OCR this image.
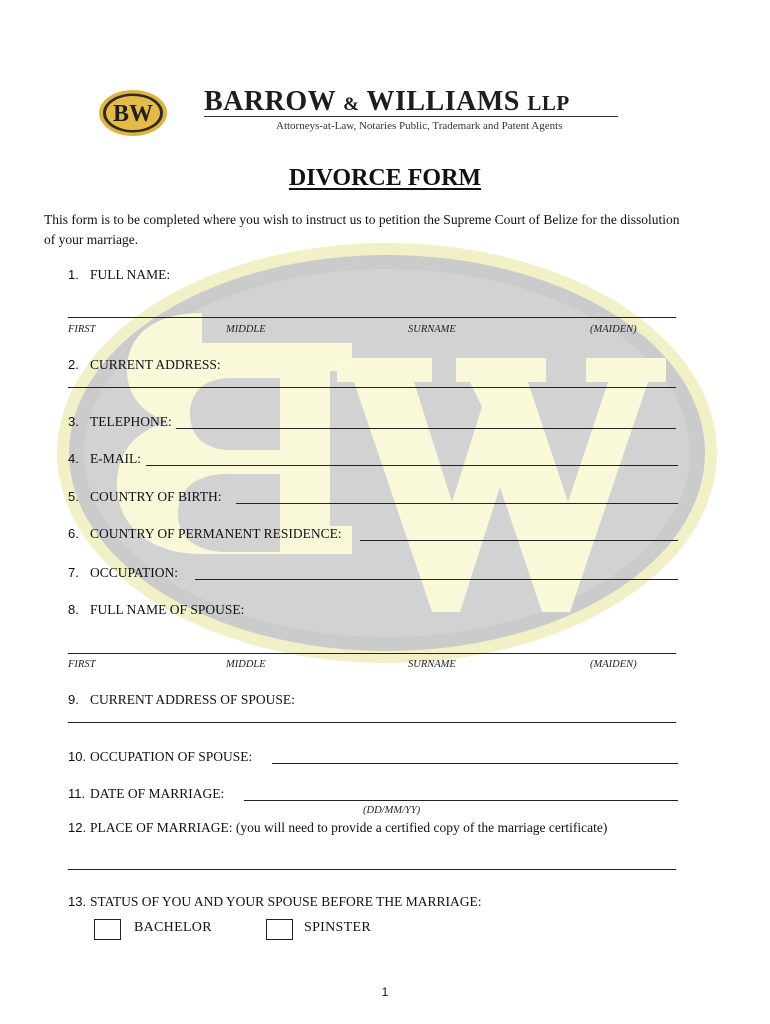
BW BARROW & WILLIAMS LLP
Attorneys-at-Law, Notaries Public, Trademark and Patent Agents
DIVORCE FORM
This form is to be completed where you wish to instruct us to petition the Supreme Court of Belize for the dissolution of your marriage.
1. FULL NAME:
FIRST	MIDDLE	SURNAME	(MAIDEN)
2. CURRENT ADDRESS:
3. TELEPHONE:
4. E-MAIL:
5. COUNTRY OF BIRTH:
6. COUNTRY OF PERMANENT RESIDENCE:
7. OCCUPATION:
8. FULL NAME OF SPOUSE:
FIRST	MIDDLE	SURNAME	(MAIDEN)
9. CURRENT ADDRESS OF SPOUSE:
10. OCCUPATION OF SPOUSE:
11. DATE OF MARRIAGE:
(DD/MM/YY)
12. PLACE OF MARRIAGE: (you will need to provide a certified copy of the marriage certificate)
13. STATUS OF YOU AND YOUR SPOUSE BEFORE THE MARRIAGE:
BACHELOR	SPINSTER
1
